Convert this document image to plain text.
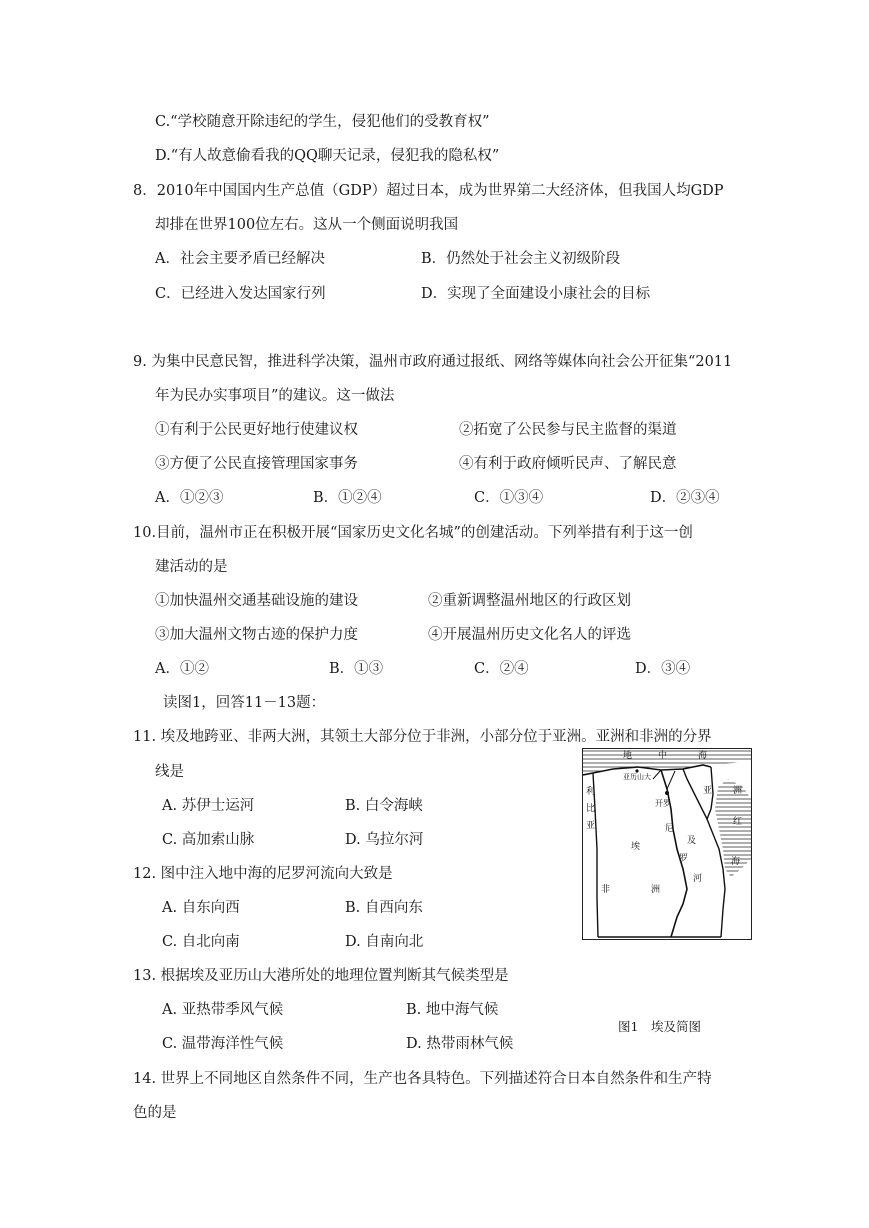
C.“学校随意开除违纪的学生，侵犯他们的受教育权”
D.“有人故意偷看我的QQ聊天记录，侵犯我的隐私权”
8．2010年中国国内生产总值（GDP）超过日本，成为世界第二大经济体，但我国人均GDP
却排在世界100位左右。这从一个侧面说明我国
A．社会主要矛盾已经解决	B．仍然处于社会主义初级阶段
C．已经进入发达国家行列	D．实现了全面建设小康社会的目标
9. 为集中民意民智，推进科学决策，温州市政府通过报纸、网络等媒体向社会公开征集“2011
年为民办实事项目”的建议。这一做法
①有利于公民更好地行使建议权	②拓宽了公民参与民主监督的渠道
③方便了公民直接管理国家事务	④有利于政府倾听民声、了解民意
A．①②③	B．①②④	C．①③④	D．②③④
10.目前，温州市正在积极开展“国家历史文化名城”的创建活动。下列举措有利于这一创
建活动的是
①加快温州交通基础设施的建设	②重新调整温州地区的行政区划
③加大温州文物古迹的保护力度	④开展温州历史文化名人的评选
A．①②	B．①③	C．②④	D．③④
读图1，回答11－13题：
11. 埃及地跨亚、非两大洲，其领土大部分位于非洲，小部分位于亚洲。亚洲和非洲的分界
线是
A. 苏伊士运河	B. 白令海峡
C. 高加索山脉	D. 乌拉尔河
12. 图中注入地中海的尼罗河流向大致是
A. 自东向西	B. 自西向东
C. 自北向南	D. 自南向北
13. 根据埃及亚历山大港所处的地理位置判断其气候类型是
A. 亚热带季风气候	B. 地中海气候
C. 温带海洋性气候	D. 热带雨林气候
14. 世界上不同地区自然条件不同，生产也各具特色。下列描述符合日本自然条件和生产特
色的是
地	中	海
亚历山大
利
比
亚
亚 洲
开罗
尼
罗
河
埃
及
红
海
非	洲
图1　埃及简图
